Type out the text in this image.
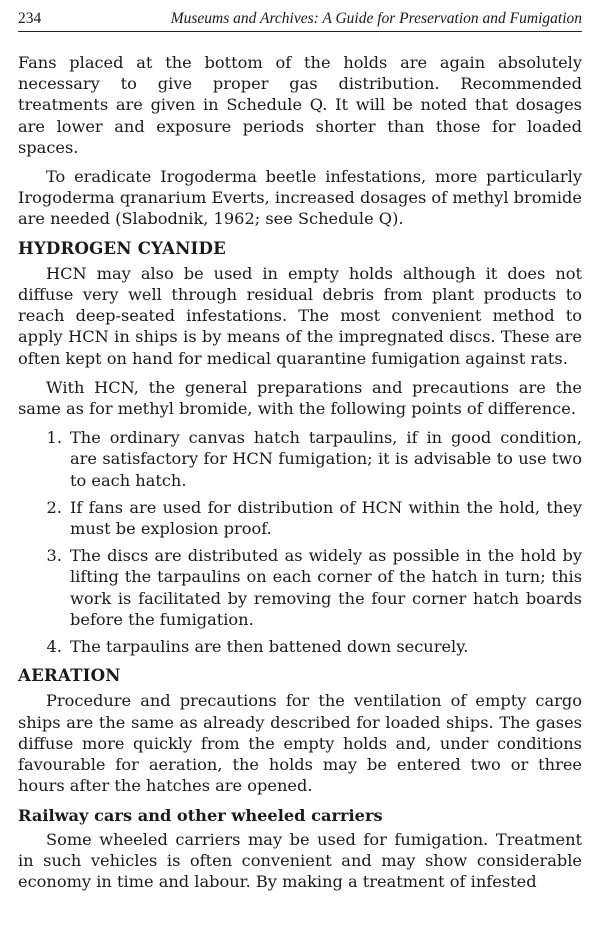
234	Museums and Archives: A Guide for Preservation and Fumigation

Fans placed at the bottom of the holds are again absolutely necessary to give proper gas distribution. Recommended treatments are given in Schedule Q. It will be noted that dosages are lower and exposure periods shorter than those for loaded spaces.

To eradicate Irogoderma beetle infestations, more particularly Irogoderma qranarium Everts, increased dosages of methyl bromide are needed (Slabodnik, 1962; see Schedule Q).

HYDROGEN CYANIDE

HCN may also be used in empty holds although it does not diffuse very well through residual debris from plant products to reach deep-seated infestations. The most convenient method to apply HCN in ships is by means of the impregnated discs. These are often kept on hand for medical quarantine fumigation against rats.

With HCN, the general preparations and precautions are the same as for methyl bromide, with the following points of difference.

1. The ordinary canvas hatch tarpaulins, if in good condition, are satisfactory for HCN fumigation; it is advisable to use two to each hatch.
2. If fans are used for distribution of HCN within the hold, they must be explosion proof.
3. The discs are distributed as widely as possible in the hold by lifting the tarpaulins on each corner of the hatch in turn; this work is facilitated by removing the four corner hatch boards before the fumigation.
4. The tarpaulins are then battened down securely.
AERATION

Procedure and precautions for the ventilation of empty cargo ships are the same as already described for loaded ships. The gases diffuse more quickly from the empty holds and, under conditions favourable for aeration, the holds may be entered two or three hours after the hatches are opened.

Railway cars and other wheeled carriers

Some wheeled carriers may be used for fumigation. Treatment in such vehicles is often convenient and may show considerable economy in time and labour. By making a treatment of infested
